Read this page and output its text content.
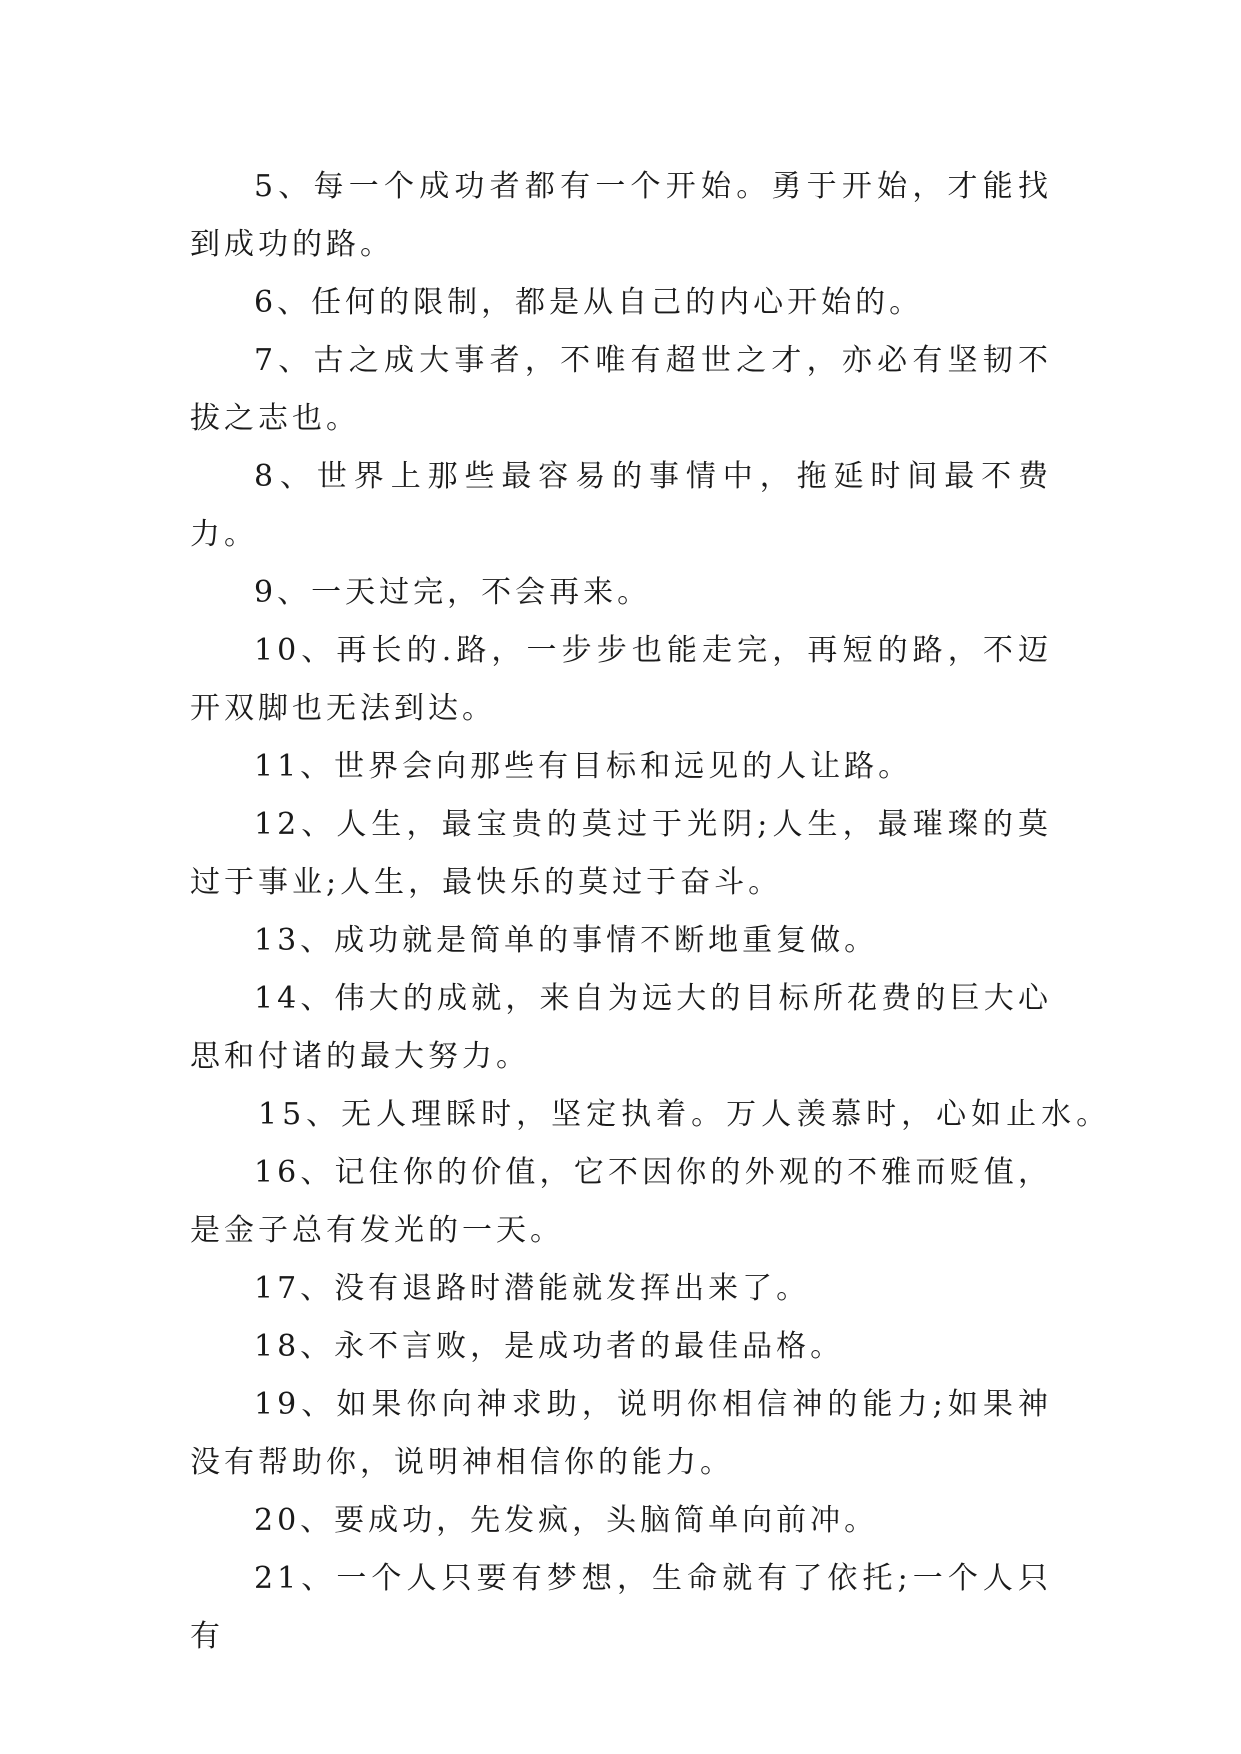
5、每一个成功者都有一个开始。勇于开始，才能找到成功的路。

6、任何的限制，都是从自己的内心开始的。

7、古之成大事者，不唯有超世之才，亦必有坚韧不拔之志也。

8、世界上那些最容易的事情中，拖延时间最不费力。

9、一天过完，不会再来。

10、再长的.路，一步步也能走完，再短的路，不迈开双脚也无法到达。

11、世界会向那些有目标和远见的人让路。

12、人生，最宝贵的莫过于光阴;人生，最璀璨的莫过于事业;人生，最快乐的莫过于奋斗。

13、成功就是简单的事情不断地重复做。

14、伟大的成就，来自为远大的目标所花费的巨大心思和付诸的最大努力。

15、无人理睬时，坚定执着。万人羡慕时，心如止水。

16、记住你的价值，它不因你的外观的不雅而贬值，是金子总有发光的一天。

17、没有退路时潜能就发挥出来了。

18、永不言败，是成功者的最佳品格。

19、如果你向神求助，说明你相信神的能力;如果神没有帮助你，说明神相信你的能力。

20、要成功，先发疯，头脑简单向前冲。

21、一个人只要有梦想，生命就有了依托;一个人只有
